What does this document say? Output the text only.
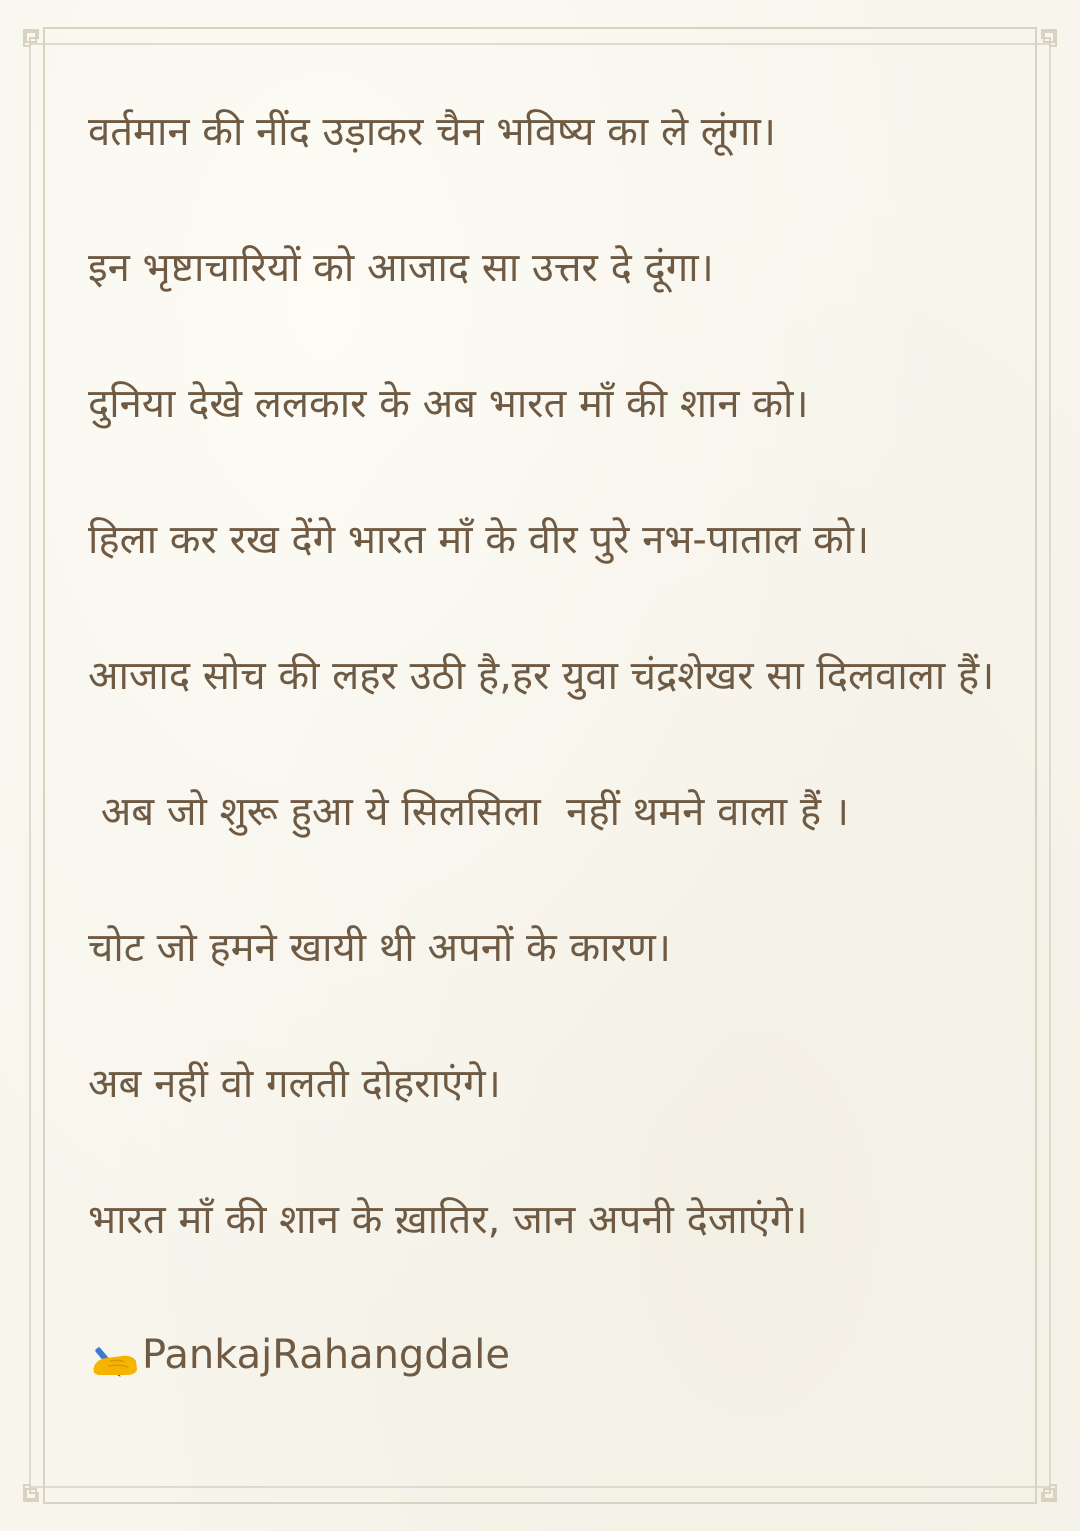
वर्तमान की नींद उड़ाकर चैन भविष्य का ले लूंगा।

इन भृष्टाचारियों को आजाद सा उत्तर दे दूंगा।

दुनिया देखे ललकार के अब भारत माँ की शान को।

हिला कर रख देंगे भारत माँ के वीर पुरे नभ-पाताल को।

आजाद सोच की लहर उठी है,हर युवा चंद्रशेखर सा दिलवाला हैं।

अब जो शुरू हुआ ये सिलसिला  नहीं थमने वाला हैं ।

चोट जो हमने खायी थी अपनों के कारण।

अब नहीं वो गलती दोहराएंगे।

भारत माँ की शान के ख़ातिर, जान अपनी देजाएंगे।

PankajRahangdale
